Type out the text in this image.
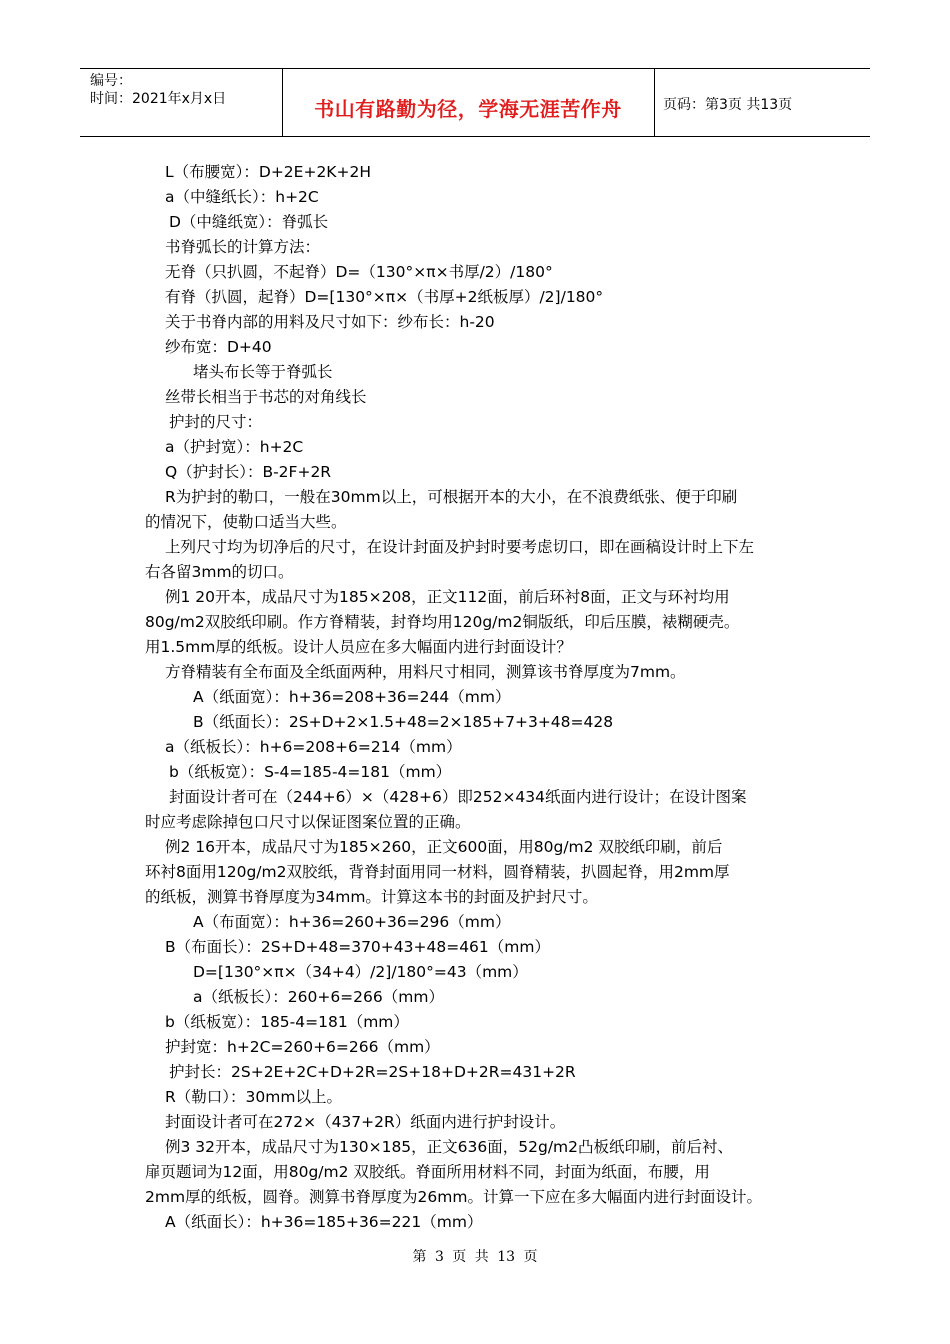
编号：
时间：2021年x月x日	书山有路勤为径，学海无涯苦作舟	页码：第3页 共13页
L（布腰宽）：D+2E+2K+2H
a（中缝纸长）：h+2C
D（中缝纸宽）：脊弧长
书脊弧长的计算方法：
无脊（只扒圆，不起脊）D=（130°×π×书厚/2）/180°
有脊（扒圆，起脊）D=[130°×π×（书厚+2纸板厚）/2]/180°
关于书脊内部的用料及尺寸如下：纱布长：h-20
纱布宽：D+40
堵头布长等于脊弧长
丝带长相当于书芯的对角线长
护封的尺寸：
a（护封宽）：h+2C
Q（护封长）：B-2F+2R
R为护封的勒口，一般在30mm以上，可根据开本的大小，在不浪费纸张、便于印刷
的情况下，使勒口适当大些。
上列尺寸均为切净后的尺寸，在设计封面及护封时要考虑切口，即在画稿设计时上下左
右各留3mm的切口。
例1 20开本，成品尺寸为185×208，正文112面，前后环衬8面，正文与环衬均用
80g/m2双胶纸印刷。作方脊精装，封脊均用120g/m2铜版纸，印后压膜，裱糊硬壳。
用1.5mm厚的纸板。设计人员应在多大幅面内进行封面设计？
方脊精装有全布面及全纸面两种，用料尺寸相同，测算该书脊厚度为7mm。
A（纸面宽）：h+36=208+36=244（mm）
B（纸面长）：2S+D+2×1.5+48=2×185+7+3+48=428
a（纸板长）：h+6=208+6=214（mm）
b（纸板宽）：S-4=185-4=181（mm）
封面设计者可在（244+6）×（428+6）即252×434纸面内进行设计；在设计图案
时应考虑除掉包口尺寸以保证图案位置的正确。
例2 16开本，成品尺寸为185×260，正文600面，用80g/m2 双胶纸印刷，前后
环衬8面用120g/m2双胶纸，背脊封面用同一材料，圆脊精装，扒圆起脊，用2mm厚
的纸板，测算书脊厚度为34mm。计算这本书的封面及护封尺寸。
A（布面宽）：h+36=260+36=296（mm）
B（布面长）：2S+D+48=370+43+48=461（mm）
D=[130°×π×（34+4）/2]/180°=43（mm）
a（纸板长）：260+6=266（mm）
b（纸板宽）：185-4=181（mm）
护封宽：h+2C=260+6=266（mm）
护封长：2S+2E+2C+D+2R=2S+18+D+2R=431+2R
R（勒口）：30mm以上。
封面设计者可在272×（437+2R）纸面内进行护封设计。
例3 32开本，成品尺寸为130×185，正文636面，52g/m2凸板纸印刷，前后衬、
扉页题词为12面，用80g/m2 双胶纸。脊面所用材料不同，封面为纸面，布腰，用
2mm厚的纸板，圆脊。测算书脊厚度为26mm。计算一下应在多大幅面内进行封面设计。
A（纸面长）：h+36=185+36=221（mm）
第 3 页 共 13 页
